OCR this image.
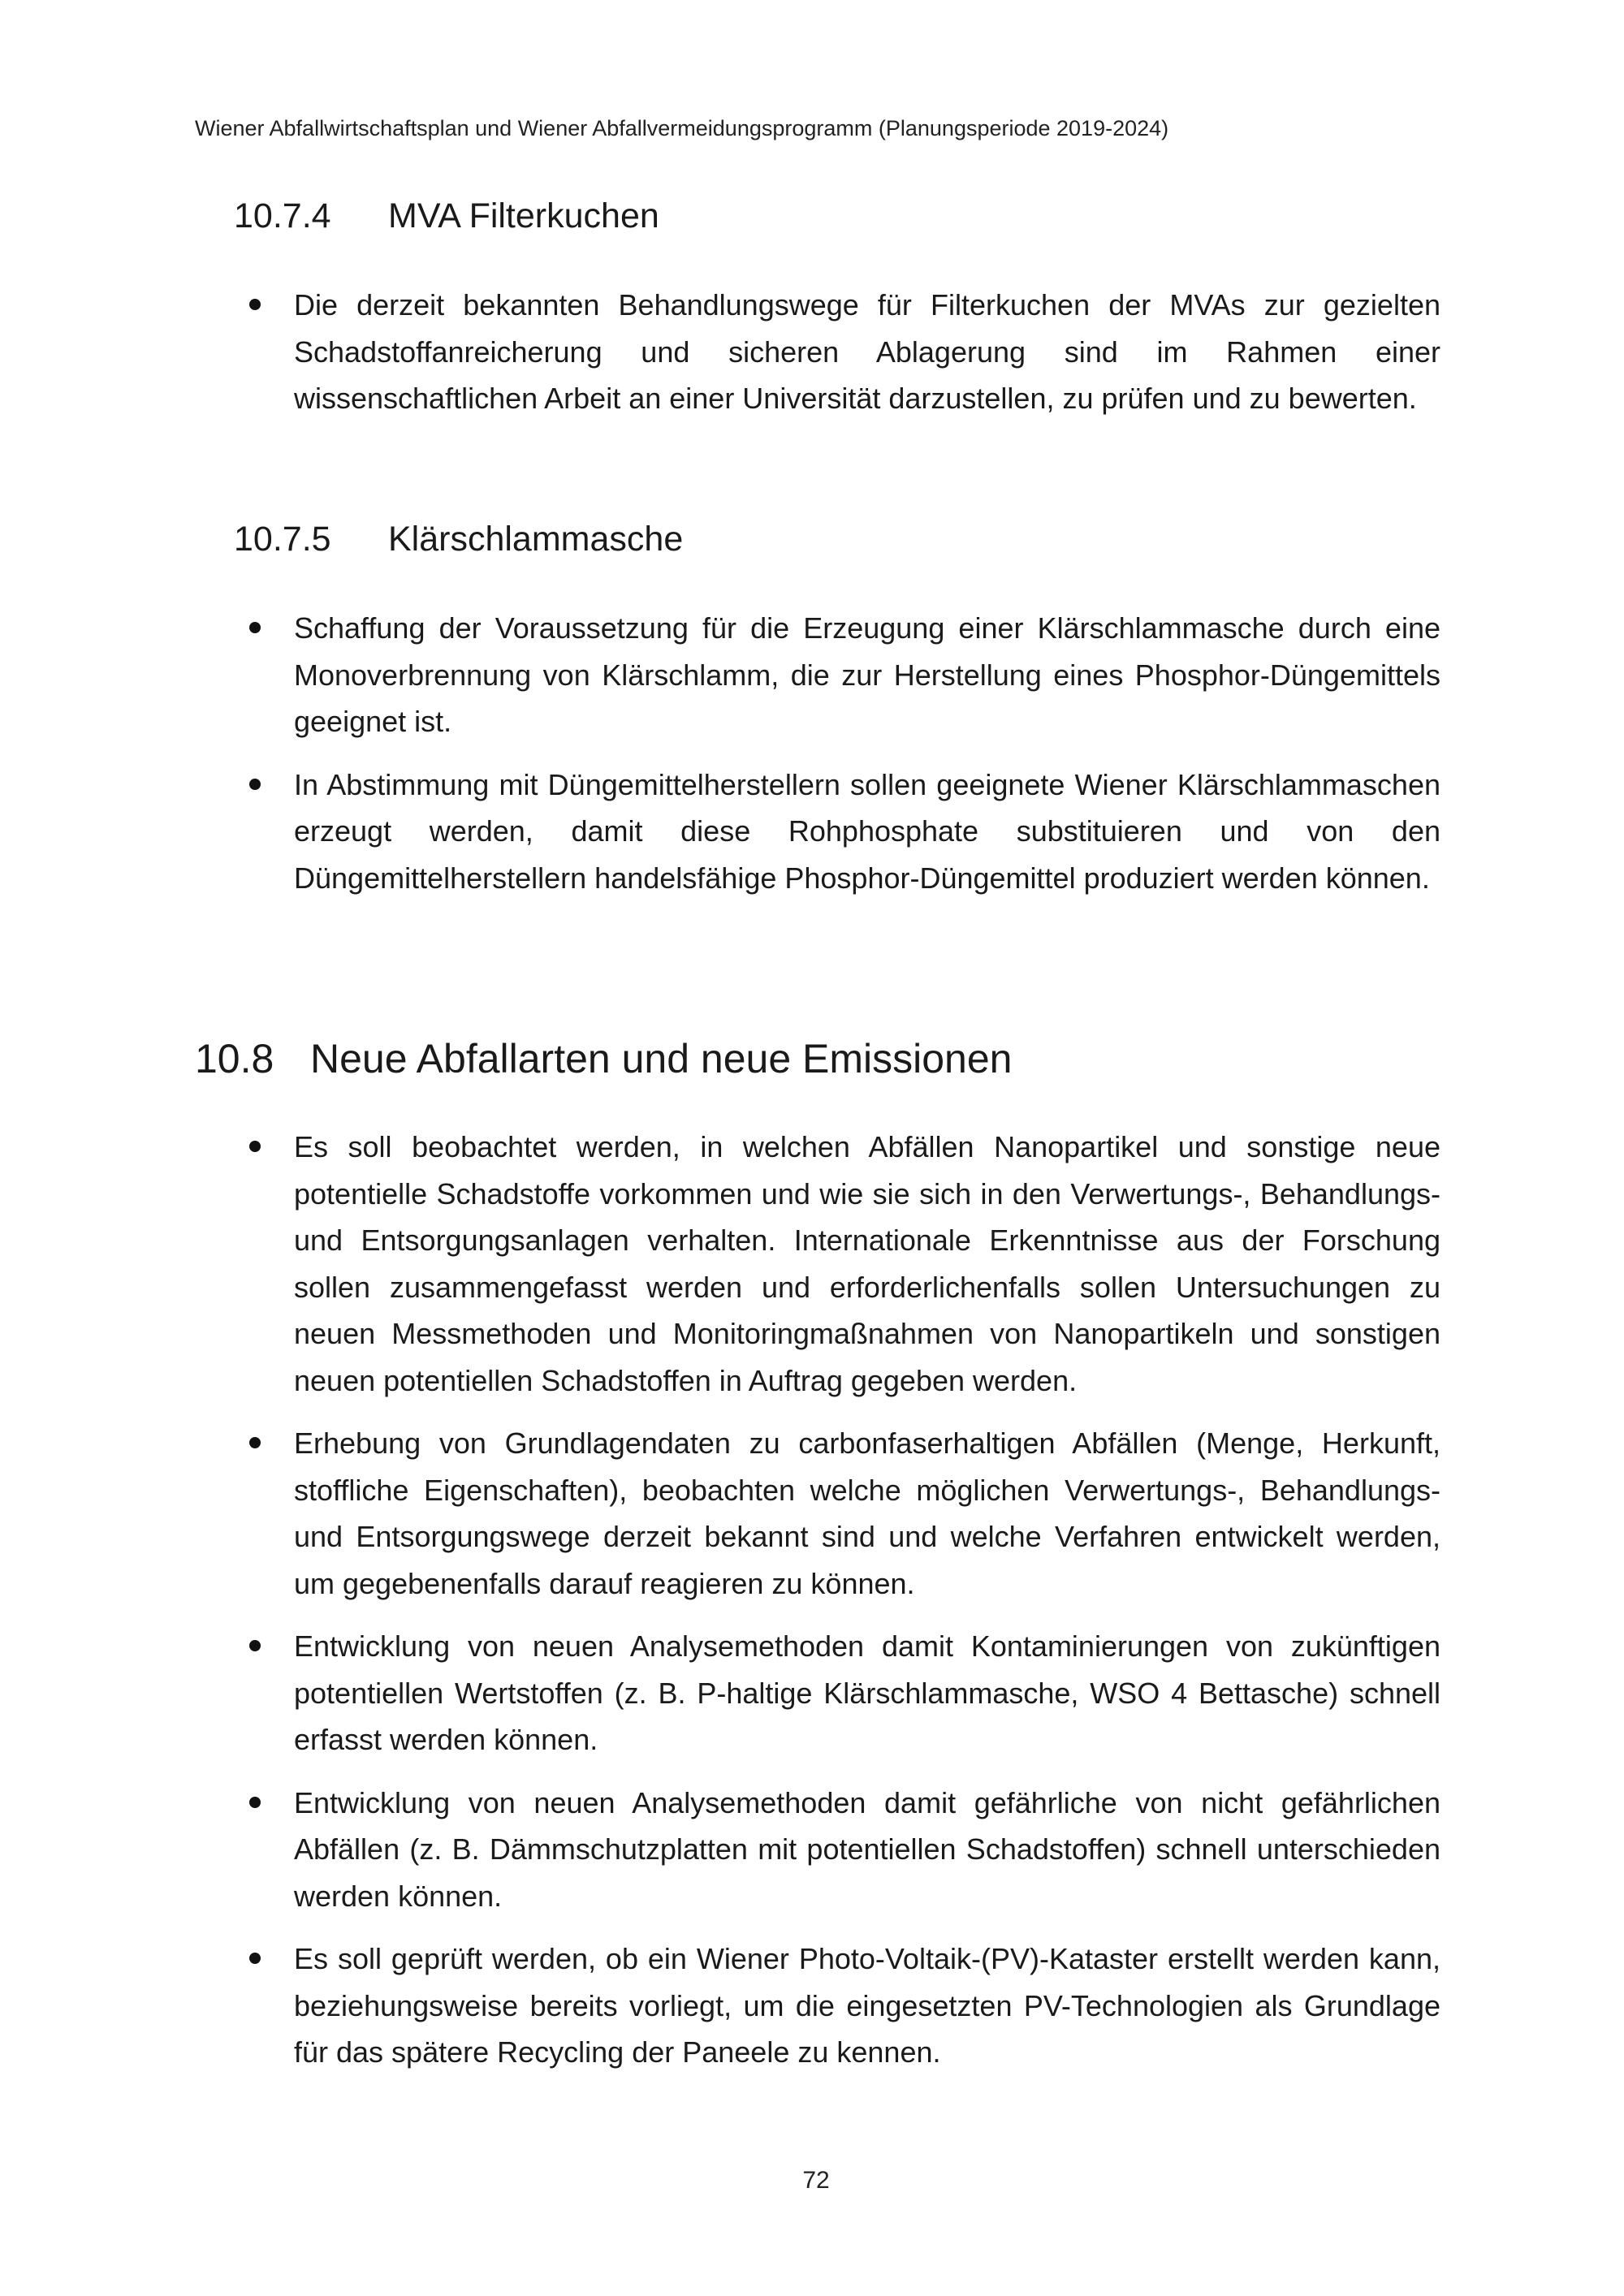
Wiener Abfallwirtschaftsplan und Wiener Abfallvermeidungsprogramm (Planungsperiode 2019-2024)
10.7.4 MVA Filterkuchen
Die derzeit bekannten Behandlungswege für Filterkuchen der MVAs zur gezielten Schadstoffanreicherung und sicheren Ablagerung sind im Rahmen einer wissenschaftlichen Arbeit an einer Universität darzustellen, zu prüfen und zu bewerten.
10.7.5 Klärschlammasche
Schaffung der Voraussetzung für die Erzeugung einer Klärschlammasche durch eine Monoverbrennung von Klärschlamm, die zur Herstellung eines Phosphor-Düngemittels geeignet ist.
In Abstimmung mit Düngemittelherstellern sollen geeignete Wiener Klärschlammaschen erzeugt werden, damit diese Rohphosphate substituieren und von den Düngemittelherstellern handelsfähige Phosphor-Düngemittel produziert werden können.
10.8 Neue Abfallarten und neue Emissionen
Es soll beobachtet werden, in welchen Abfällen Nanopartikel und sonstige neue potentielle Schadstoffe vorkommen und wie sie sich in den Verwertungs-, Behandlungs- und Entsorgungsanlagen verhalten. Internationale Erkenntnisse aus der Forschung sollen zusammengefasst werden und erforderlichenfalls sollen Untersuchungen zu neuen Messmethoden und Monitoringmaßnahmen von Nanopartikeln und sonstigen neuen potentiellen Schadstoffen in Auftrag gegeben werden.
Erhebung von Grundlagendaten zu carbonfaserhaltigen Abfällen (Menge, Herkunft, stoffliche Eigenschaften), beobachten welche möglichen Verwertungs-, Behandlungs- und Entsorgungswege derzeit bekannt sind und welche Verfahren entwickelt werden, um gegebenenfalls darauf reagieren zu können.
Entwicklung von neuen Analysemethoden damit Kontaminierungen von zukünftigen potentiellen Wertstoffen (z. B. P-haltige Klärschlammasche, WSO 4 Bettasche) schnell erfasst werden können.
Entwicklung von neuen Analysemethoden damit gefährliche von nicht gefährlichen Abfällen (z. B. Dämmschutzplatten mit potentiellen Schadstoffen) schnell unterschieden werden können.
Es soll geprüft werden, ob ein Wiener Photo-Voltaik-(PV)-Kataster erstellt werden kann, beziehungsweise bereits vorliegt, um die eingesetzten PV-Technologien als Grundlage für das spätere Recycling der Paneele zu kennen.
72
